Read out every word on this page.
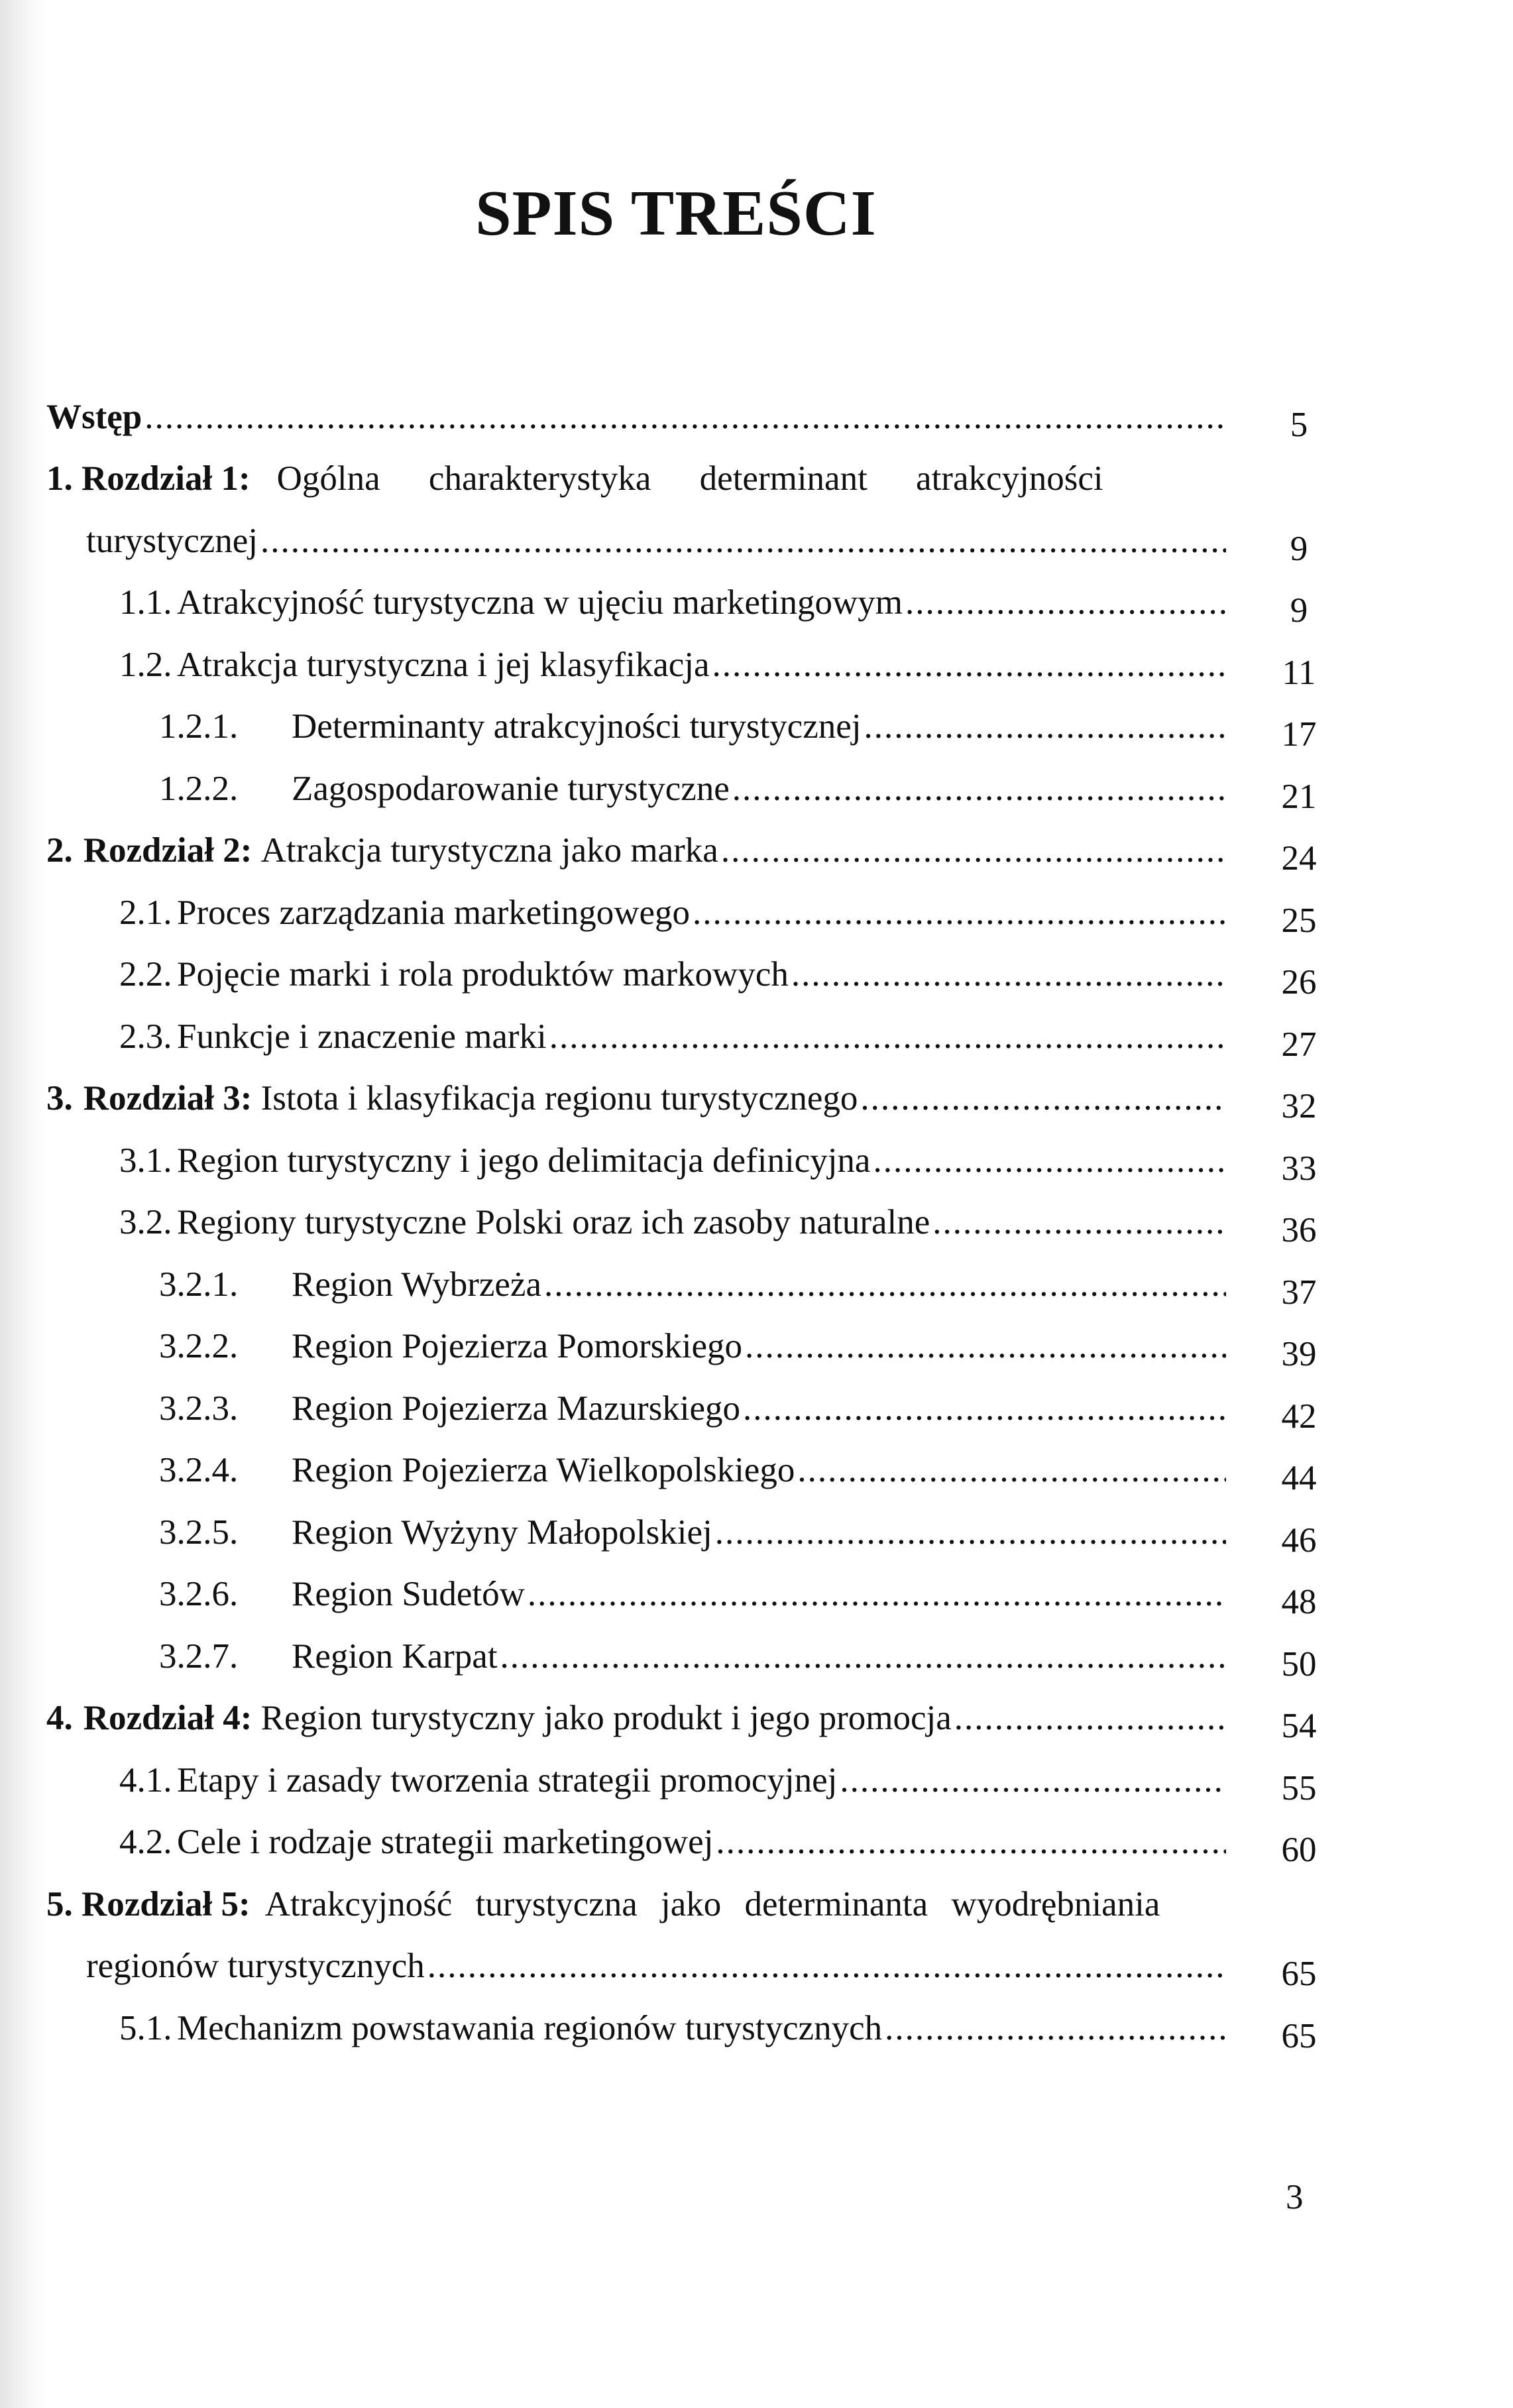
SPIS TREŚCI
Wstęp .....	5
1. Rozdział 1: Ogólna charakterystyka determinant atrakcyjności
turystycznej .....	9
1.1. Atrakcyjność turystyczna w ujęciu marketingowym .....	9
1.2. Atrakcja turystyczna i jej klasyfikacja .....	11
1.2.1.	Determinanty atrakcyjności turystycznej .....	17
1.2.2.	Zagospodarowanie turystyczne .....	21
2. Rozdział 2:
Atrakcja turystyczna jako marka .....	24
2.1. Proces zarządzania marketingowego .....	25
2.2. Pojęcie marki i rola produktów markowych .....	26
2.3. Funkcje i znaczenie marki .....	27
3. Rozdział 3:
Istota i klasyfikacja regionu turystycznego .....	32
3.1. Region turystyczny i jego delimitacja definicyjna .....	33
3.2. Regiony turystyczne Polski oraz ich zasoby naturalne .....	36
3.2.1.	Region Wybrzeża .....	37
3.2.2.	Region Pojezierza Pomorskiego .....	39
3.2.3.	Region Pojezierza Mazurskiego .....	42
3.2.4.	Region Pojezierza Wielkopolskiego .....	44
3.2.5.	Region Wyżyny Małopolskiej .....	46
3.2.6.	Region Sudetów .....	48
3.2.7.	Region Karpat .....	50
4. Rozdział 4:
Region turystyczny jako produkt i jego promocja .....	54
4.1. Etapy i zasady tworzenia strategii promocyjnej .....	55
4.2. Cele i rodzaje strategii marketingowej .....	60
5. Rozdział 5: Atrakcyjność turystyczna jako determinanta wyodrębniania
regionów turystycznych .....	65
5.1. Mechanizm powstawania regionów turystycznych .....	65
3
